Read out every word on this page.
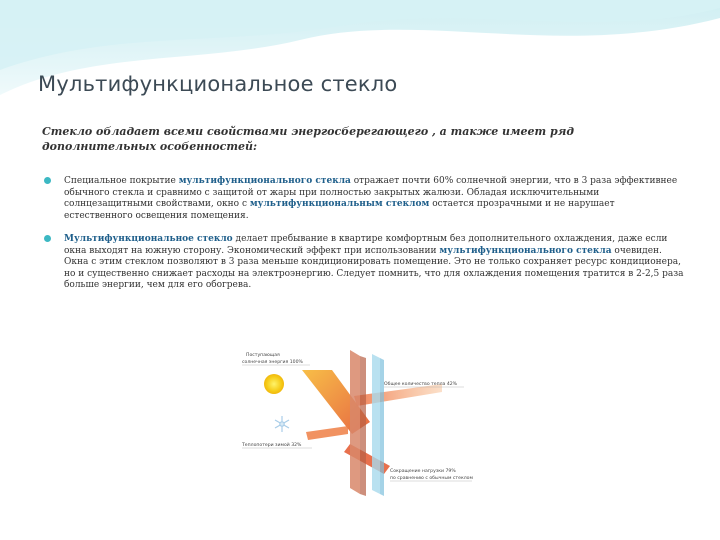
Мультифункциональное стекло

Стекло обладает всеми свойствами энергосберегающего , а также имеет ряд дополнительных особенностей:

Специальное покрытие мультифункционального стекла отражает почти 60% солнечной энергии, что в 3 раза эффективнее обычного стекла и сравнимо с защитой от жары при полностью закрытых жалюзи. Обладая исключительными солнцезащитными свойствами, окно с мультифункциональным стеклом остается прозрачными и не нарушает естественного освещения помещения.
Мультифункциональное стекло делает пребывание в квартире комфортным без дополнительного охлаждения, даже если окна выходят на южную сторону. Экономический эффект при использовании мультифункционального стекла очевиден. Окна с этим стеклом позволяют в 3 раза меньше кондиционировать помещение. Это не только сохраняет ресурс кондиционера, но и существенно снижает расходы на электроэнергию. Следует помнить, что для охлаждения помещения тратится в 2-2,5 раза больше энергии, чем для его обогрева.
Поступающая
солнечная энергия 100%
Теплопотери зимой 32%
Общее количество тепла 42%
Сокращение нагрузки 79%
по сравнению с обычным стеклом
